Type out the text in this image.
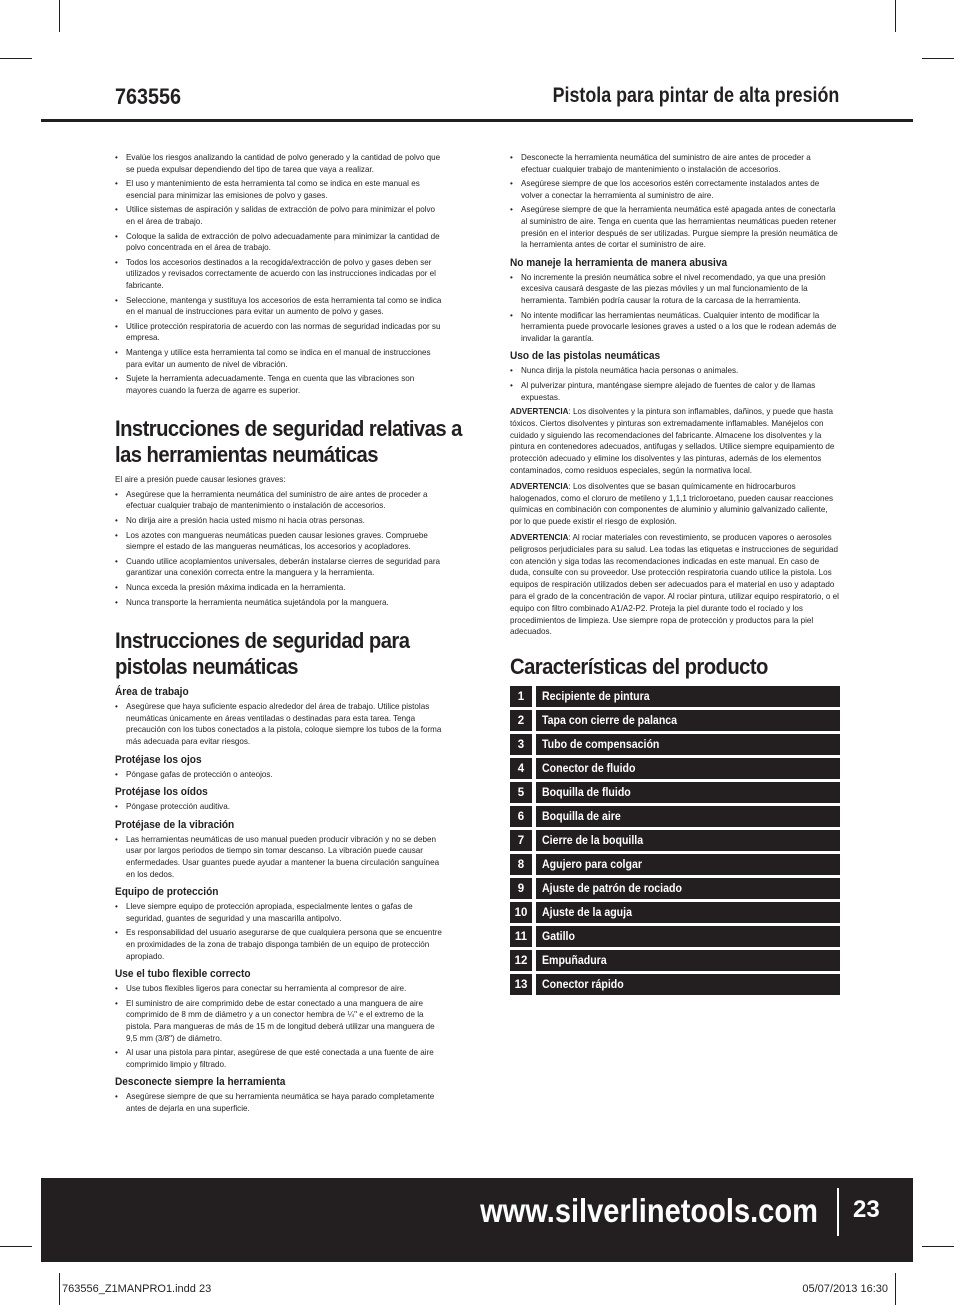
763556	Pistola para pintar de alta presión
• Evalúe los riesgos analizando la cantidad de polvo generado y la cantidad de polvo que se pueda expulsar dependiendo del tipo de tarea que vaya a realizar.
• El uso y mantenimiento de esta herramienta tal como se indica en este manual es esencial para minimizar las emisiones de polvo y gases.
• Utilice sistemas de aspiración y salidas de extracción de polvo para minimizar el polvo en el área de trabajo.
• Coloque la salida de extracción de polvo adecuadamente para minimizar la cantidad de polvo concentrada en el área de trabajo.
• Todos los accesorios destinados a la recogida/extracción de polvo y gases deben ser utilizados y revisados correctamente de acuerdo con las instrucciones indicadas por el fabricante.
• Seleccione, mantenga y sustituya los accesorios de esta herramienta tal como se indica en el manual de instrucciones para evitar un aumento de polvo y gases.
• Utilice protección respiratoria de acuerdo con las normas de seguridad indicadas por su empresa.
• Mantenga y utilice esta herramienta tal como se indica en el manual de instrucciones para evitar un aumento de nivel de vibración.
• Sujete la herramienta adecuadamente. Tenga en cuenta que las vibraciones son mayores cuando la fuerza de agarre es superior.
Instrucciones de seguridad relativas a las herramientas neumáticas

El aire a presión puede causar lesiones graves:

• Asegúrese que la herramienta neumática del suministro de aire antes de proceder a efectuar cualquier trabajo de mantenimiento o instalación de accesorios.
• No dirija aire a presión hacia usted mismo ni hacia otras personas.
• Los azotes con mangueras neumáticas pueden causar lesiones graves. Compruebe siempre el estado de las mangueras neumáticas, los accesorios y acopladores.
• Cuando utilice acoplamientos universales, deberán instalarse cierres de seguridad para garantizar una conexión correcta entre la manguera y la herramienta.
• Nunca exceda la presión máxima indicada en la herramienta.
• Nunca transporte la herramienta neumática sujetándola por la manguera.
Instrucciones de seguridad para pistolas neumáticas
Área de trabajo
• Asegúrese que haya suficiente espacio alrededor del área de trabajo. Utilice pistolas neumáticas únicamente en áreas ventiladas o destinadas para esta tarea. Tenga precaución con los tubos conectados a la pistola, coloque siempre los tubos de la forma más adecuada para evitar riesgos.
Protéjase los ojos
• Póngase gafas de protección o anteojos.
Protéjase los oídos
• Póngase protección auditiva.
Protéjase de la vibración
• Las herramientas neumáticas de uso manual pueden producir vibración y no se deben usar por largos periodos de tiempo sin tomar descanso. La vibración puede causar enfermedades. Usar guantes puede ayudar a mantener la buena circulación sanguínea en los dedos.
Equipo de protección
• Lleve siempre equipo de protección apropiada, especialmente lentes o gafas de seguridad, guantes de seguridad y una mascarilla antipolvo.
• Es responsabilidad del usuario asegurarse de que cualquiera persona que se encuentre en proximidades de la zona de trabajo disponga también de un equipo de protección apropiado.
Use el tubo flexible correcto
• Use tubos flexibles ligeros para conectar su herramienta al compresor de aire.
• El suministro de aire comprimido debe de estar conectado a una manguera de aire comprimido de 8 mm de diámetro y a un conector hembra de ¼" e el extremo de la pistola. Para mangueras de más de 15 m de longitud deberá utilizar una manguera de 9,5 mm (3/8") de diámetro.
• Al usar una pistola para pintar, asegúrese de que esté conectada a una fuente de aire comprimido limpio y filtrado.
Desconecte siempre la herramienta
• Asegúrese siempre de que su herramienta neumática se haya parado completamente antes de dejarla en una superficie.
• Desconecte la herramienta neumática del suministro de aire antes de proceder a efectuar cualquier trabajo de mantenimiento o instalación de accesorios.
• Asegúrese siempre de que los accesorios estén correctamente instalados antes de volver a conectar la herramienta al suministro de aire.
• Asegúrese siempre de que la herramienta neumática esté apagada antes de conectarla al suministro de aire. Tenga en cuenta que las herramientas neumáticas pueden retener presión en el interior después de ser utilizadas. Purgue siempre la presión neumática de la herramienta antes de cortar el suministro de aire.
No maneje la herramienta de manera abusiva
• No incremente la presión neumática sobre el nivel recomendado, ya que una presión excesiva causará desgaste de las piezas móviles y un mal funcionamiento de la herramienta. También podría causar la rotura de la carcasa de la herramienta.
• No intente modificar las herramientas neumáticas. Cualquier intento de modificar la herramienta puede provocarle lesiones graves a usted o a los que le rodean además de invalidar la garantía.
Uso de las pistolas neumáticas
• Nunca dirija la pistola neumática hacia personas o animales.
• Al pulverizar pintura, manténgase siempre alejado de fuentes de calor y de llamas expuestas.

ADVERTENCIA: Los disolventes y la pintura son inflamables, dañinos, y puede que hasta tóxicos. Ciertos disolventes y pinturas son extremadamente inflamables. Manéjelos con cuidado y siguiendo las recomendaciones del fabricante. Almacene los disolventes y la pintura en contenedores adecuados, antifugas y sellados. Utilice siempre equipamiento de protección adecuado y elimine los disolventes y las pinturas, además de los elementos contaminados, como residuos especiales, según la normativa local.

ADVERTENCIA: Los disolventes que se basan químicamente en hidrocarburos halogenados, como el cloruro de metileno y 1,1,1 tricloroetano, pueden causar reacciones químicas en combinación con componentes de aluminio y aluminio galvanizado caliente, por lo que puede existir el riesgo de explosión.

ADVERTENCIA: Al rociar materiales con revestimiento, se producen vapores o aerosoles peligrosos perjudiciales para su salud. Lea todas las etiquetas e instrucciones de seguridad con atención y siga todas las recomendaciones indicadas en este manual. En caso de duda, consulte con su proveedor. Use protección respiratoria cuando utilice la pistola. Los equipos de respiración utilizados deben ser adecuados para el material en uso y adaptado para el grado de la concentración de vapor. Al rociar pintura, utilizar equipo respiratorio, o el equipo con filtro combinado A1/A2-P2. Proteja la piel durante todo el rociado y los procedimientos de limpieza. Use siempre ropa de protección y productos para la piel adecuados.

Características del producto
1	Recipiente de pintura
2	Tapa con cierre de palanca
3	Tubo de compensación
4	Conector de fluido
5	Boquilla de fluido
6	Boquilla de aire
7	Cierre de la boquilla
8	Agujero para colgar
9	Ajuste de patrón de rociado
10	Ajuste de la aguja
11	Gatillo
12	Empuñadura
13	Conector rápido
www.silverlinetools.com 23
763556_Z1MANPRO1.indd 23	05/07/2013 16:30
